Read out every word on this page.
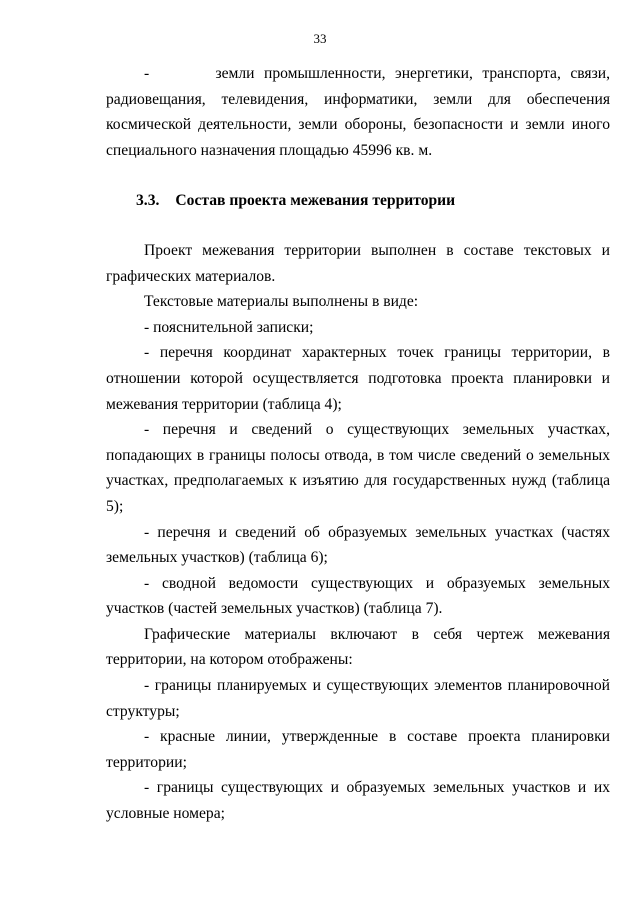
33

-       земли промышленности, энергетики, транспорта, связи, радиовещания, телевидения, информатики, земли для обеспечения космической деятельности, земли обороны, безопасности и земли иного специального назначения площадью 45996 кв. м.

3.3. Состав проекта межевания территории

Проект межевания территории выполнен в составе текстовых и графических материалов.

Текстовые материалы выполнены в виде:

- пояснительной записки;

- перечня координат характерных точек границы территории, в отношении которой осуществляется подготовка проекта планировки и межевания территории (таблица 4);

- перечня и сведений о существующих земельных участках, попадающих в границы полосы отвода, в том числе сведений о земельных участках, предполагаемых к изъятию для государственных нужд (таблица 5);

- перечня и сведений об образуемых земельных участках (частях земельных участков) (таблица 6);

- сводной ведомости существующих и образуемых земельных участков (частей земельных участков) (таблица 7).

Графические материалы включают в себя чертеж межевания территории, на котором отображены:

- границы планируемых и существующих элементов планировочной структуры;

- красные линии, утвержденные в составе проекта планировки территории;

- границы существующих и образуемых земельных участков и их условные номера;
